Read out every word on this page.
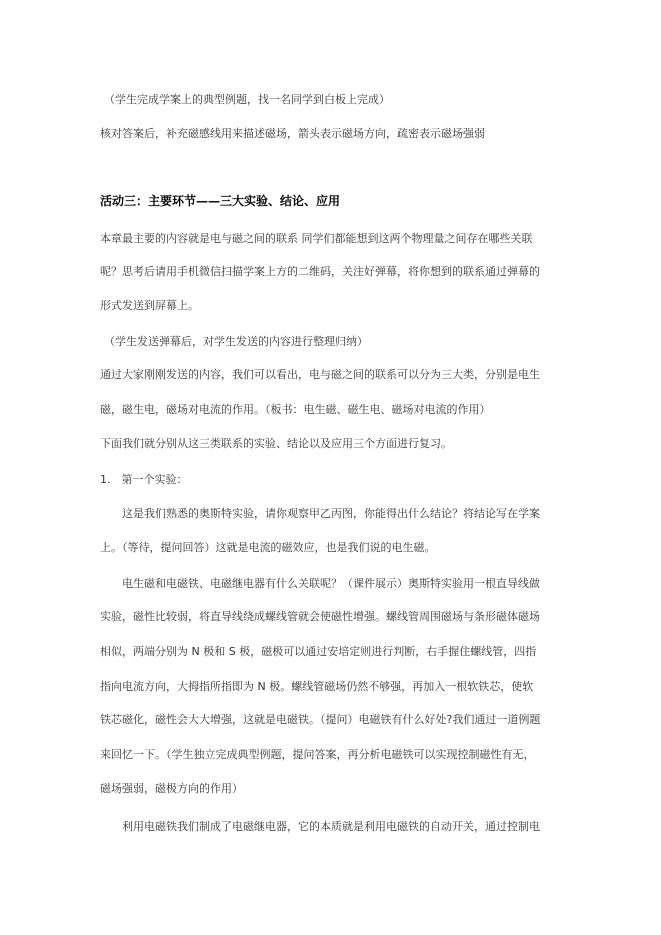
（学生完成学案上的典型例题，找一名同学到白板上完成）
核对答案后，补充磁感线用来描述磁场，箭头表示磁场方向，疏密表示磁场强弱
活动三：主要环节——三大实验、结论、应用
本章最主要的内容就是电与磁之间的联系 同学们都能想到这两个物理量之间存在哪些关联
呢？思考后请用手机微信扫描学案上方的二维码，关注好弹幕，将你想到的联系通过弹幕的
形式发送到屏幕上。
（学生发送弹幕后，对学生发送的内容进行整理归纳）
通过大家刚刚发送的内容，我们可以看出，电与磁之间的联系可以分为三大类，分别是电生
磁，磁生电，磁场对电流的作用。（板书：电生磁、磁生电、磁场对电流的作用）
下面我们就分别从这三类联系的实验、结论以及应用三个方面进行复习。
1.　第一个实验：
这是我们熟悉的奥斯特实验，请你观察甲乙丙图，你能得出什么结论？将结论写在学案
上。（等待，提问回答）这就是电流的磁效应，也是我们说的电生磁。
电生磁和电磁铁、电磁继电器有什么关联呢？（课件展示）奥斯特实验用一根直导线做
实验，磁性比较弱，将直导线绕成螺线管就会使磁性增强。螺线管周围磁场与条形磁体磁场
相似，两端分别为 N 极和 S 极，磁极可以通过安培定则进行判断，右手握住螺线管，四指
指向电流方向，大拇指所指即为 N 极。螺线管磁场仍然不够强，再加入一根软铁芯，使软
铁芯磁化，磁性会大大增强，这就是电磁铁。（提问）电磁铁有什么好处?我们通过一道例题
来回忆一下。（学生独立完成典型例题，提问答案，再分析电磁铁可以实现控制磁性有无，
磁场强弱，磁极方向的作用）
利用电磁铁我们制成了电磁继电器，它的本质就是利用电磁铁的自动开关，通过控制电
